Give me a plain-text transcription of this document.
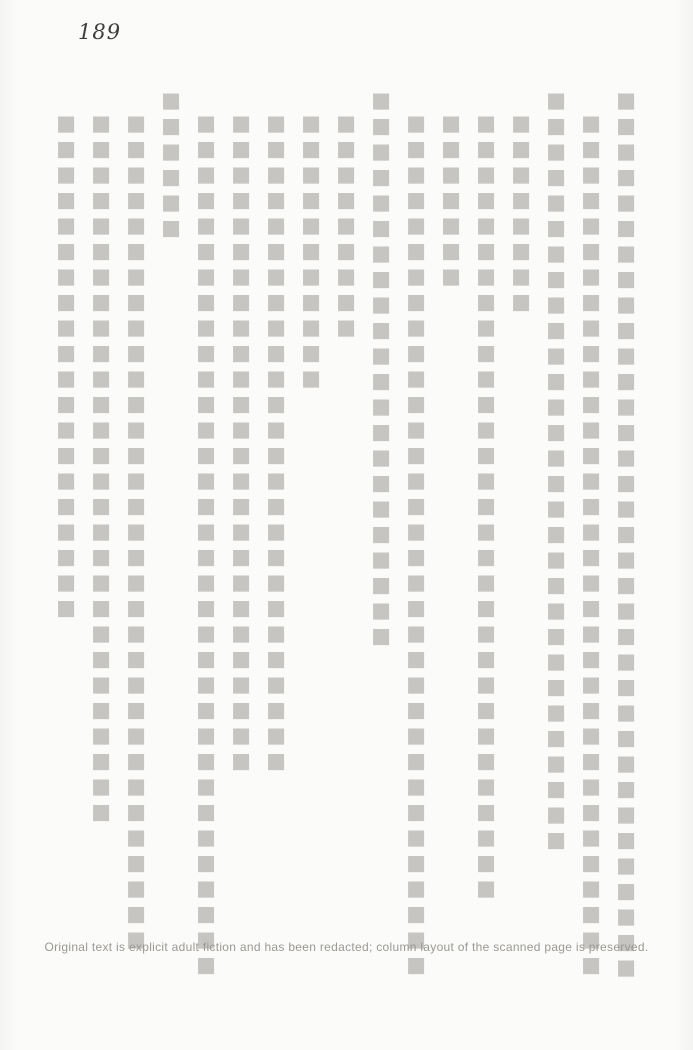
189
■■■■■■■■■■■■■■■■■■■■■■■■■■■■■■■■■■■
■■■■■■■■■■■■■■■■■■■■■■■■■■■■■■■■■■
■■■■■■■■■■■■■■■■■■■■■■■■■■■■■■
■■■■■■■■
■■■■■■■■■■■■■■■■■■■■■■■■■■■■■■■
■■■■■■■
■■■■■■■■■■■■■■■■■■■■■■■■■■■■■■■■■■
■■■■■■■■■■■■■■■■■■■■■■
■■■■■■■■■
■■■■■■■■■■■
■■■■■■■■■■■■■■■■■■■■■■■■■■
■■■■■■■■■■■■■■■■■■■■■■■■■■
■■■■■■■■■■■■■■■■■■■■■■■■■■■■■■■■■■
■■■■■■
■■■■■■■■■■■■■■■■■■■■■■■■■■■■■■■■■
■■■■■■■■■■■■■■■■■■■■■■■■■■■■
■■■■■■■■■■■■■■■■■■■■
Original text is explicit adult fiction and has been redacted; column layout of the scanned page is preserved.
